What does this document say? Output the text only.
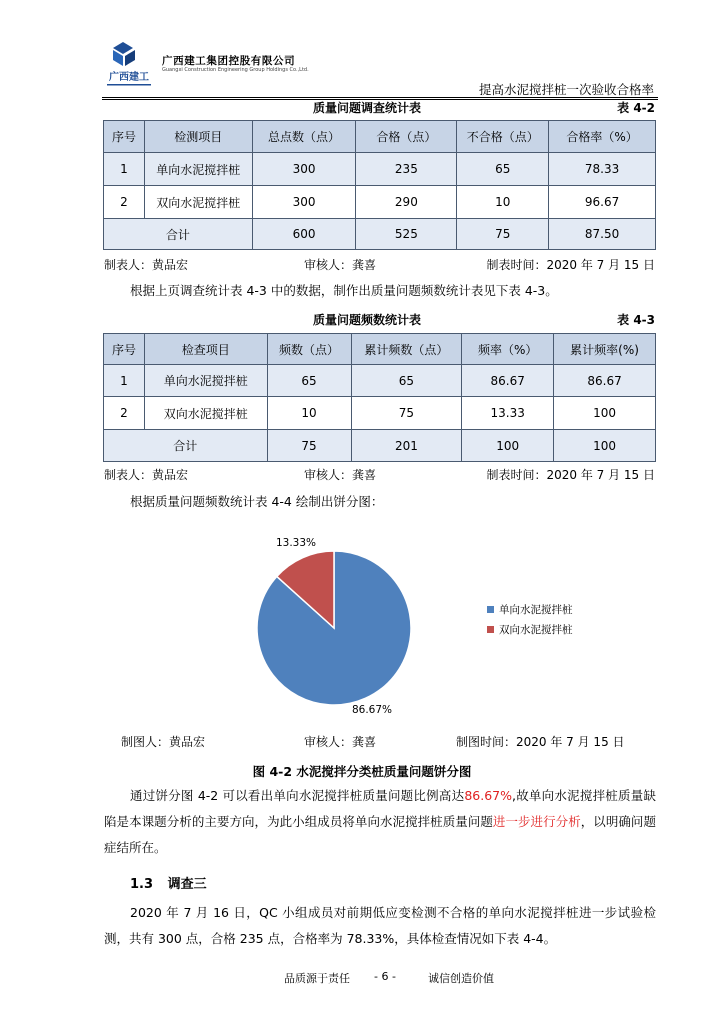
广西建工
广西建工集团控股有限公司
Guangxi Construction Engineering Group Holdings Co.,Ltd.
提高水泥搅拌桩一次验收合格率
质量问题调查统计表	表 4-2
序号	检测项目	总点数（点）	合格（点）	不合格（点）	合格率（%）
1	单向水泥搅拌桩	300	235	65	78.33
2	双向水泥搅拌桩	300	290	10	96.67
合计		600	525	75	87.50
制表人：黄品宏	审核人：龚喜	制表时间：2020 年 7 月 15 日
根据上页调查统计表 4-3 中的数据，制作出质量问题频数统计表见下表 4-3。
质量问题频数统计表	表 4-3
序号	检查项目	频数（点）	累计频数（点）	频率（%）	累计频率(%)
1	单向水泥搅拌桩	65	65	86.67	86.67
2	双向水泥搅拌桩	10	75	13.33	100
合计		75	201	100	100
制表人：黄品宏	审核人：龚喜	制表时间：2020 年 7 月 15 日
根据质量问题频数统计表 4-4 绘制出饼分图：
86.67%
13.33%
单向水泥搅拌桩
双向水泥搅拌桩
制图人：黄品宏	审核人：龚喜	制图时间：2020 年 7 月 15 日
图 4-2 水泥搅拌分类桩质量问题饼分图
通过饼分图 4-2 可以看出单向水泥搅拌桩质量问题比例高达86.67%,故单向水泥搅拌桩质量缺陷是本课题分析的主要方向，为此小组成员将单向水泥搅拌桩质量问题进一步进行分析，以明确问题症结所在。
1.3 调查三
2020 年 7 月 16 日，QC 小组成员对前期低应变检测不合格的单向水泥搅拌桩进一步试验检测，共有 300 点，合格 235 点，合格率为 78.33%，具体检查情况如下表 4-4。
品质源于责任 - 6 -	诚信创造价值
